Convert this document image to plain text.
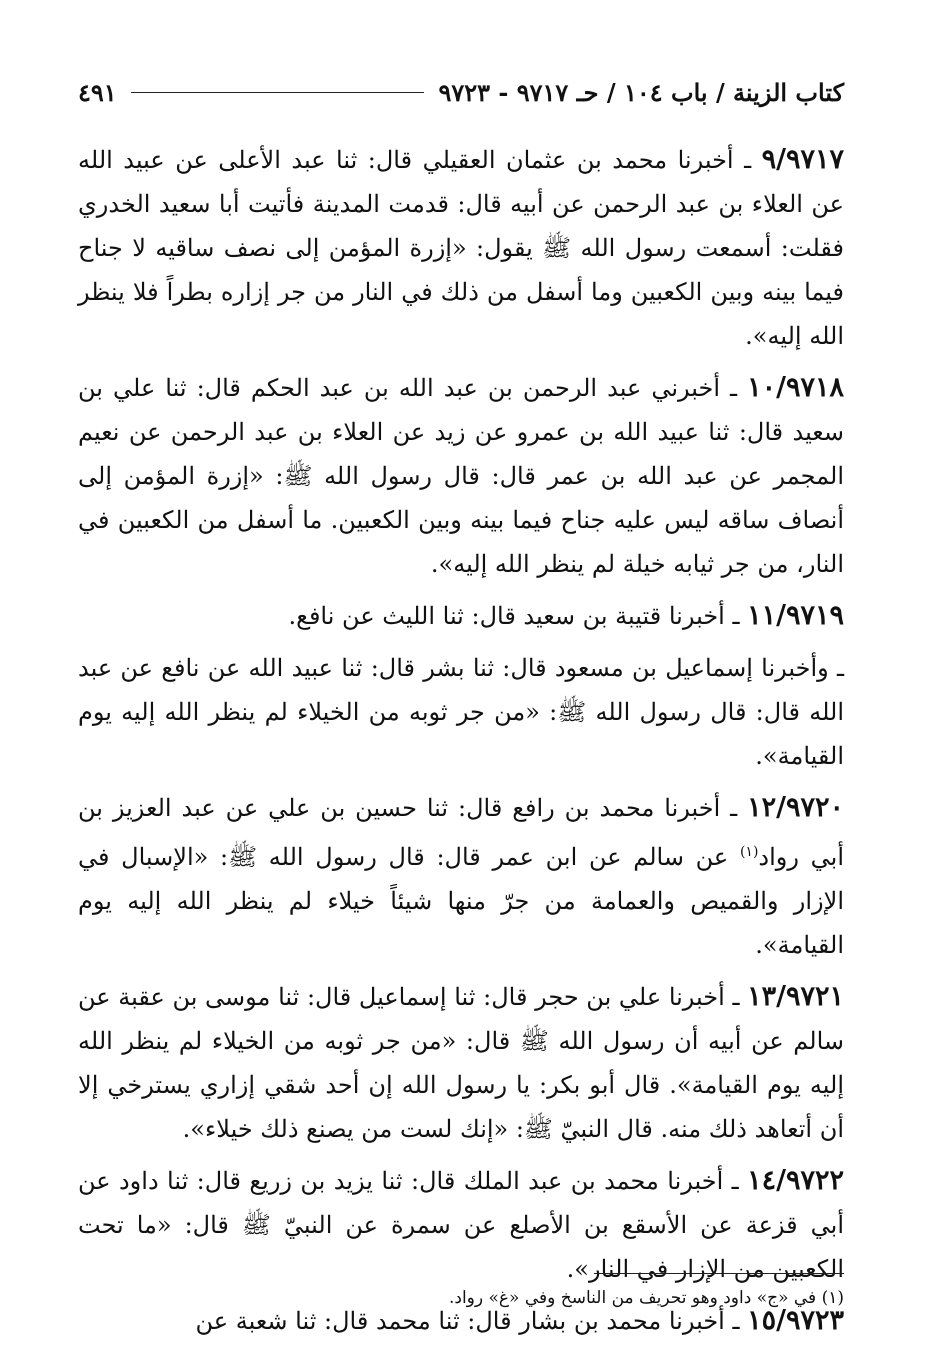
كتاب الزينة / باب ١٠٤ / حـ ٩٧١٧ - ٩٧٢٣
٤٩١

٩/٩٧١٧ ـ أخبرنا محمد بن عثمان العقيلي قال: ثنا عبد الأعلى عن عبيد الله عن العلاء بن عبد الرحمن عن أبيه قال: قدمت المدينة فأتيت أبا سعيد الخدري فقلت: أسمعت رسول الله ﷺ يقول: «إزرة المؤمن إلى نصف ساقيه لا جناح فيما بينه وبين الكعبين وما أسفل من ذلك في النار من جر إزاره بطراً فلا ينظر الله إليه».

١٠/٩٧١٨ ـ أخبرني عبد الرحمن بن عبد الله بن عبد الحكم قال: ثنا علي بن سعيد قال: ثنا عبيد الله بن عمرو عن زيد عن العلاء بن عبد الرحمن عن نعيم المجمر عن عبد الله بن عمر قال: قال رسول الله ﷺ: «إزرة المؤمن إلى أنصاف ساقه ليس عليه جناح فيما بينه وبين الكعبين. ما أسفل من الكعبين في النار، من جر ثيابه خيلة لم ينظر الله إليه».

١١/٩٧١٩ ـ أخبرنا قتيبة بن سعيد قال: ثنا الليث عن نافع.

ـ وأخبرنا إسماعيل بن مسعود قال: ثنا بشر قال: ثنا عبيد الله عن نافع عن عبد الله قال: قال رسول الله ﷺ: «من جر ثوبه من الخيلاء لم ينظر الله إليه يوم القيامة».

١٢/٩٧٢٠ ـ أخبرنا محمد بن رافع قال: ثنا حسين بن علي عن عبد العزيز بن أبي رواد$^{(١)}$ عن سالم عن ابن عمر قال: قال رسول الله ﷺ: «الإسبال في الإزار والقميص والعمامة من جرّ منها شيئاً خيلاء لم ينظر الله إليه يوم القيامة».

١٣/٩٧٢١ ـ أخبرنا علي بن حجر قال: ثنا إسماعيل قال: ثنا موسى بن عقبة عن سالم عن أبيه أن رسول الله ﷺ قال: «من جر ثوبه من الخيلاء لم ينظر الله إليه يوم القيامة». قال أبو بكر: يا رسول الله إن أحد شقي إزاري يسترخي إلا أن أتعاهد ذلك منه. قال النبيّ ﷺ: «إنك لست من يصنع ذلك خيلاء».

١٤/٩٧٢٢ ـ أخبرنا محمد بن عبد الملك قال: ثنا يزيد بن زريع قال: ثنا داود عن أبي قزعة عن الأسقع بن الأصلع عن سمرة عن النبيّ ﷺ قال: «ما تحت الكعبين من الإزار في النار».

١٥/٩٧٢٣ ـ أخبرنا محمد بن بشار قال: ثنا محمد قال: ثنا شعبة عن

(١) في «ج» داود وهو تحريف من الناسخ وفي «غ» رواد.
